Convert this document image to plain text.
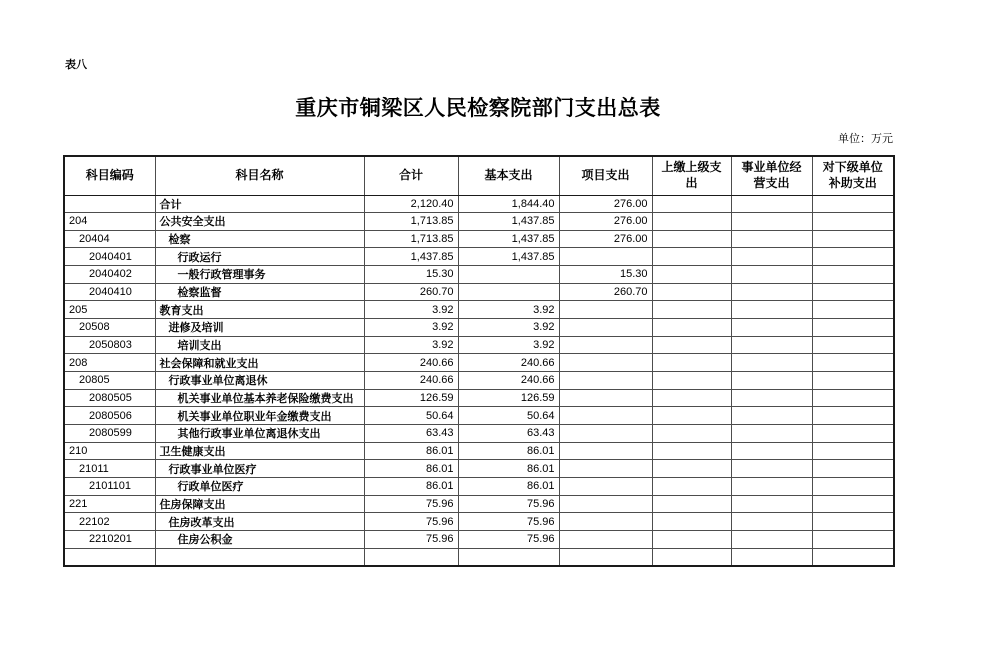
表八
重庆市铜梁区人民检察院部门支出总表
单位：万元
科目编码	科目名称	合计	基本支出	项目支出	上缴上级支出	事业单位经营支出	对下级单位补助支出
	合计	2,120.40	1,844.40	276.00			
204	公共安全支出	1,713.85	1,437.85	276.00			
20404	检察	1,713.85	1,437.85	276.00			
2040401	行政运行	1,437.85	1,437.85				
2040402	一般行政管理事务	15.30		15.30			
2040410	检察监督	260.70		260.70			
205	教育支出	3.92	3.92				
20508	进修及培训	3.92	3.92				
2050803	培训支出	3.92	3.92				
208	社会保障和就业支出	240.66	240.66				
20805	行政事业单位离退休	240.66	240.66				
2080505	机关事业单位基本养老保险缴费支出	126.59	126.59				
2080506	机关事业单位职业年金缴费支出	50.64	50.64				
2080599	其他行政事业单位离退休支出	63.43	63.43				
210	卫生健康支出	86.01	86.01				
21011	行政事业单位医疗	86.01	86.01				
2101101	行政单位医疗	86.01	86.01				
221	住房保障支出	75.96	75.96				
22102	住房改革支出	75.96	75.96				
2210201	住房公积金	75.96	75.96				
